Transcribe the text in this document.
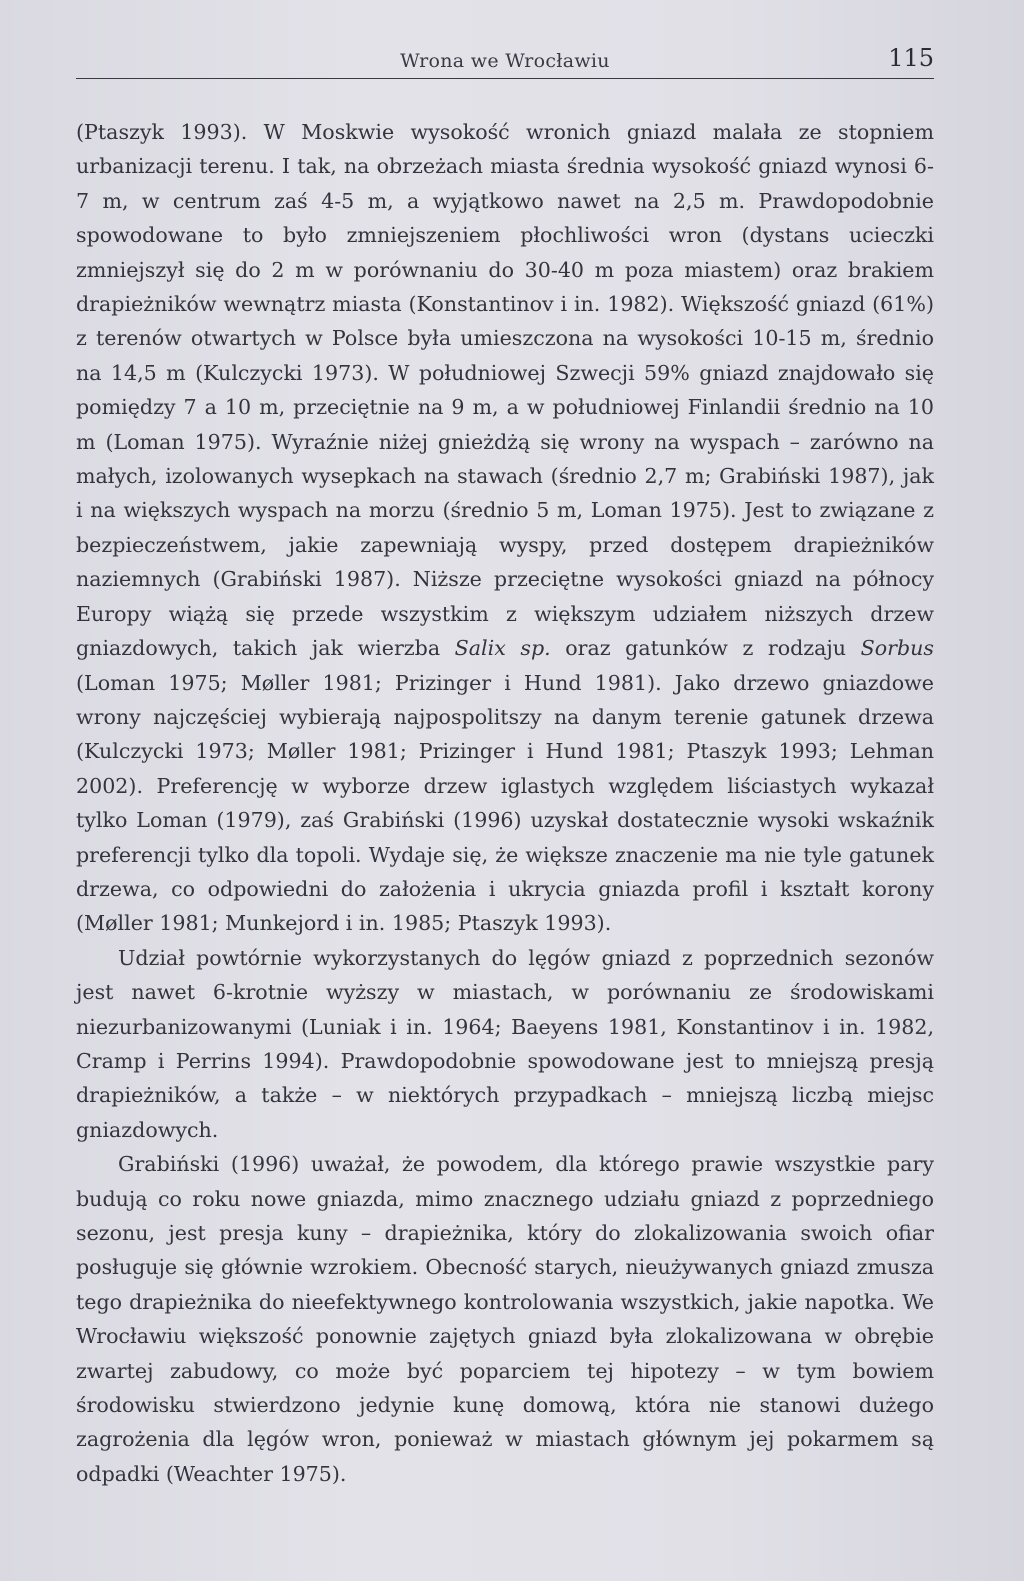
Wrona we Wrocławiu	115

(Ptaszyk 1993). W Moskwie wysokość wronich gniazd malała ze stopniem urbanizacji terenu. I tak, na obrzeżach miasta średnia wysokość gniazd wynosi 6-7 m, w centrum zaś 4-5 m, a wyjątkowo nawet na 2,5 m. Prawdopodobnie spowodowane to było zmniejszeniem płochliwości wron (dystans ucieczki zmniejszył się do 2 m w porównaniu do 30-40 m poza miastem) oraz brakiem drapieżników wewnątrz miasta (Konstantinov i in. 1982). Większość gniazd (61%) z terenów otwartych w Polsce była umieszczona na wysokości 10-15 m, średnio na 14,5 m (Kulczycki 1973). W południowej Szwecji 59% gniazd znajdowało się pomiędzy 7 a 10 m, przeciętnie na 9 m, a w południowej Finlandii średnio na 10 m (Loman 1975). Wyraźnie niżej gnieżdżą się wrony na wyspach – zarówno na małych, izolowanych wysepkach na stawach (średnio 2,7 m; Grabiński 1987), jak i na większych wyspach na morzu (średnio 5 m, Loman 1975). Jest to związane z bezpieczeństwem, jakie zapewniają wyspy, przed dostępem drapieżników naziemnych (Grabiński 1987). Niższe przeciętne wysokości gniazd na północy Europy wiążą się przede wszystkim z większym udziałem niższych drzew gniazdowych, takich jak wierzba Salix sp. oraz gatunków z rodzaju Sorbus (Loman 1975; Møller 1981; Prizinger i Hund 1981). Jako drzewo gniazdowe wrony najczęściej wybierają najpospolitszy na danym terenie gatunek drzewa (Kulczycki 1973; Møller 1981; Prizinger i Hund 1981; Ptaszyk 1993; Lehman 2002). Preferencję w wyborze drzew iglastych względem liściastych wykazał tylko Loman (1979), zaś Grabiński (1996) uzyskał dostatecznie wysoki wskaźnik preferencji tylko dla topoli. Wydaje się, że większe znaczenie ma nie tyle gatunek drzewa, co odpowiedni do założenia i ukrycia gniazda profil i kształt korony (Møller 1981; Munkejord i in. 1985; Ptaszyk 1993).

Udział powtórnie wykorzystanych do lęgów gniazd z poprzednich sezonów jest nawet 6-krotnie wyższy w miastach, w porównaniu ze środowiskami niezurbanizowanymi (Luniak i in. 1964; Baeyens 1981, Konstantinov i in. 1982, Cramp i Perrins 1994). Prawdopodobnie spowodowane jest to mniejszą presją drapieżników, a także – w niektórych przypadkach – mniejszą liczbą miejsc gniazdowych.

Grabiński (1996) uważał, że powodem, dla którego prawie wszystkie pary budują co roku nowe gniazda, mimo znacznego udziału gniazd z poprzedniego sezonu, jest presja kuny – drapieżnika, który do zlokalizowania swoich ofiar posługuje się głównie wzrokiem. Obecność starych, nieużywanych gniazd zmusza tego drapieżnika do nieefektywnego kontrolowania wszystkich, jakie napotka. We Wrocławiu większość ponownie zajętych gniazd była zlokalizowana w obrębie zwartej zabudowy, co może być poparciem tej hipotezy – w tym bowiem środowisku stwierdzono jedynie kunę domową, która nie stanowi dużego zagrożenia dla lęgów wron, ponieważ w miastach głównym jej pokarmem są odpadki (Weachter 1975).
